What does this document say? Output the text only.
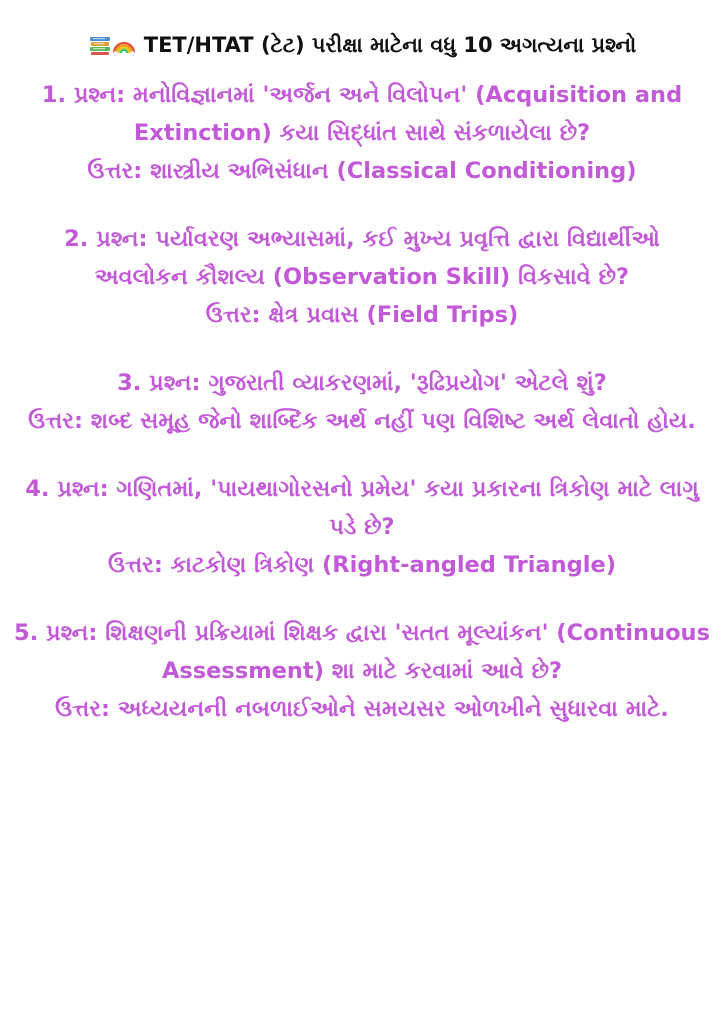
TET/HTAT (ટેટ) પરીક્ષા માટેના વધુ 10 અગત્યના પ્રશ્નો
1. પ્રશ્ન: મનોવિજ્ઞાનમાં 'અર્જન અને વિલોપન' (Acquisition and Extinction) કયા સિદ્ધાંત સાથે સંકળાયેલા છે?
ઉત્તર: શાસ્ત્રીય અભિસંધાન (Classical Conditioning)
2. પ્રશ્ન: પર્યાવરણ અભ્યાસમાં, કઈ મુખ્ય પ્રવૃત્તિ દ્વારા વિદ્યાર્થીઓ અવલોકન કૌશલ્ય (Observation Skill) વિકસાવે છે?
ઉત્તર: ક્ષેત્ર પ્રવાસ (Field Trips)
3. પ્રશ્ન: ગુજરાતી વ્યાકરણમાં, 'રૂઢિપ્રયોગ' એટલે શું?
ઉત્તર: શબ્દ સમૂહ જેનો શાબ્દિક અર્થ નહીં પણ વિશિષ્ટ અર્થ લેવાતો હોય.
4. પ્રશ્ન: ગણિતમાં, 'પાયથાગોરસનો પ્રમેય' કયા પ્રકારના ત્રિકોણ માટે લાગુ પડે છે?
ઉત્તર: કાટકોણ ત્રિકોણ (Right-angled Triangle)
5. પ્રશ્ન: શિક્ષણની પ્રક્રિયામાં શિક્ષક દ્વારા 'સતત મૂલ્યાંકન' (Continuous Assessment) શા માટે કરવામાં આવે છે?
ઉત્તર: અધ્યયનની નબળાઈઓને સમયસર ઓળખીને સુધારવા માટે.
